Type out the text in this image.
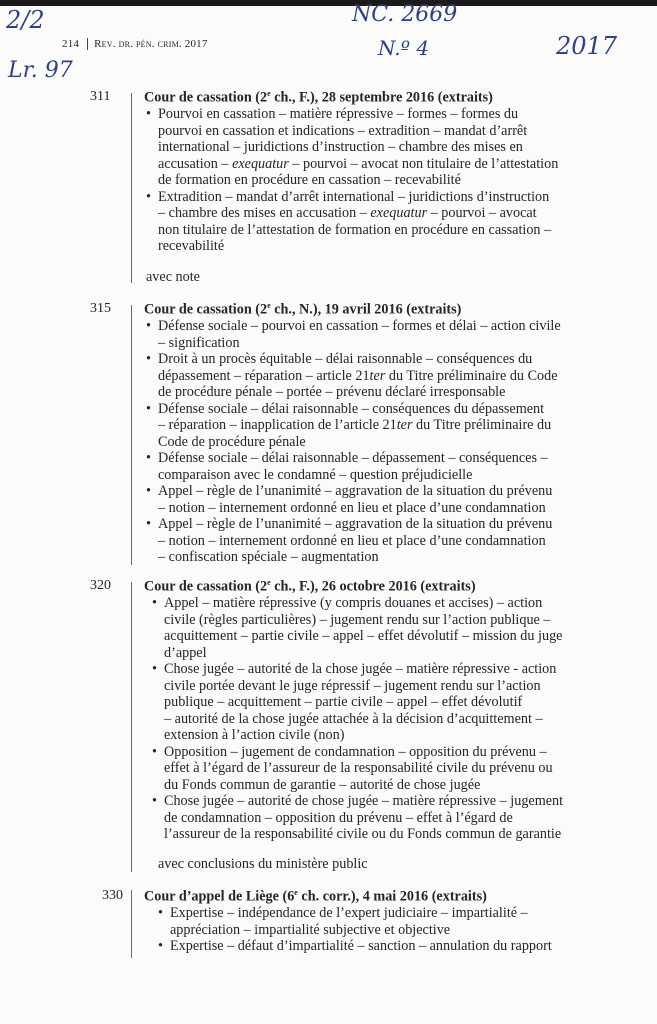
2/2
Lr. 97
NC. 2669
N.º 4	2017
214 Rev. dr. pén. crim. 2017
311 Cour de cassation (2e ch., F.), 28 septembre 2016 (extraits)
• Pourvoi en cassation – matière répressive – formes – formes du
pourvoi en cassation et indications – extradition – mandat d’arrêt
international – juridictions d’instruction – chambre des mises en
accusation – exequatur – pourvoi – avocat non titulaire de l’attestation
de formation en procédure en cassation – recevabilité
• Extradition – mandat d’arrêt international – juridictions d’instruction
– chambre des mises en accusation – exequatur – pourvoi – avocat
non titulaire de l’attestation de formation en procédure en cassation –
recevabilité
avec note
315 Cour de cassation (2e ch., N.), 19 avril 2016 (extraits)
• Défense sociale – pourvoi en cassation – formes et délai – action civile
– signification
• Droit à un procès équitable – délai raisonnable – conséquences du
dépassement – réparation – article 21ter du Titre préliminaire du Code
de procédure pénale – portée – prévenu déclaré irresponsable
• Défense sociale – délai raisonnable – conséquences du dépassement
– réparation – inapplication de l’article 21ter du Titre préliminaire du
Code de procédure pénale
• Défense sociale – délai raisonnable – dépassement – conséquences –
comparaison avec le condamné – question préjudicielle
• Appel – règle de l’unanimité – aggravation de la situation du prévenu
– notion – internement ordonné en lieu et place d’une condamnation
• Appel – règle de l’unanimité – aggravation de la situation du prévenu
– notion – internement ordonné en lieu et place d’une condamnation
– confiscation spéciale – augmentation
320 Cour de cassation (2e ch., F.), 26 octobre 2016 (extraits)
• Appel – matière répressive (y compris douanes et accises) – action
civile (règles particulières) – jugement rendu sur l’action publique –
acquittement – partie civile – appel – effet dévolutif – mission du juge
d’appel
• Chose jugée – autorité de la chose jugée – matière répressive - action
civile portée devant le juge répressif – jugement rendu sur l’action
publique – acquittement – partie civile – appel – effet dévolutif
– autorité de la chose jugée attachée à la décision d’acquittement –
extension à l’action civile (non)
• Opposition – jugement de condamnation – opposition du prévenu –
effet à l’égard de l’assureur de la responsabilité civile du prévenu ou
du Fonds commun de garantie – autorité de chose jugée
• Chose jugée – autorité de chose jugée – matière répressive – jugement
de condamnation – opposition du prévenu – effet à l’égard de
l’assureur de la responsabilité civile ou du Fonds commun de garantie
avec conclusions du ministère public
330 Cour d’appel de Liège (6e ch. corr.), 4 mai 2016 (extraits)
• Expertise – indépendance de l’expert judiciaire – impartialité –
appréciation – impartialité subjective et objective
• Expertise – défaut d’impartialité – sanction – annulation du rapport
